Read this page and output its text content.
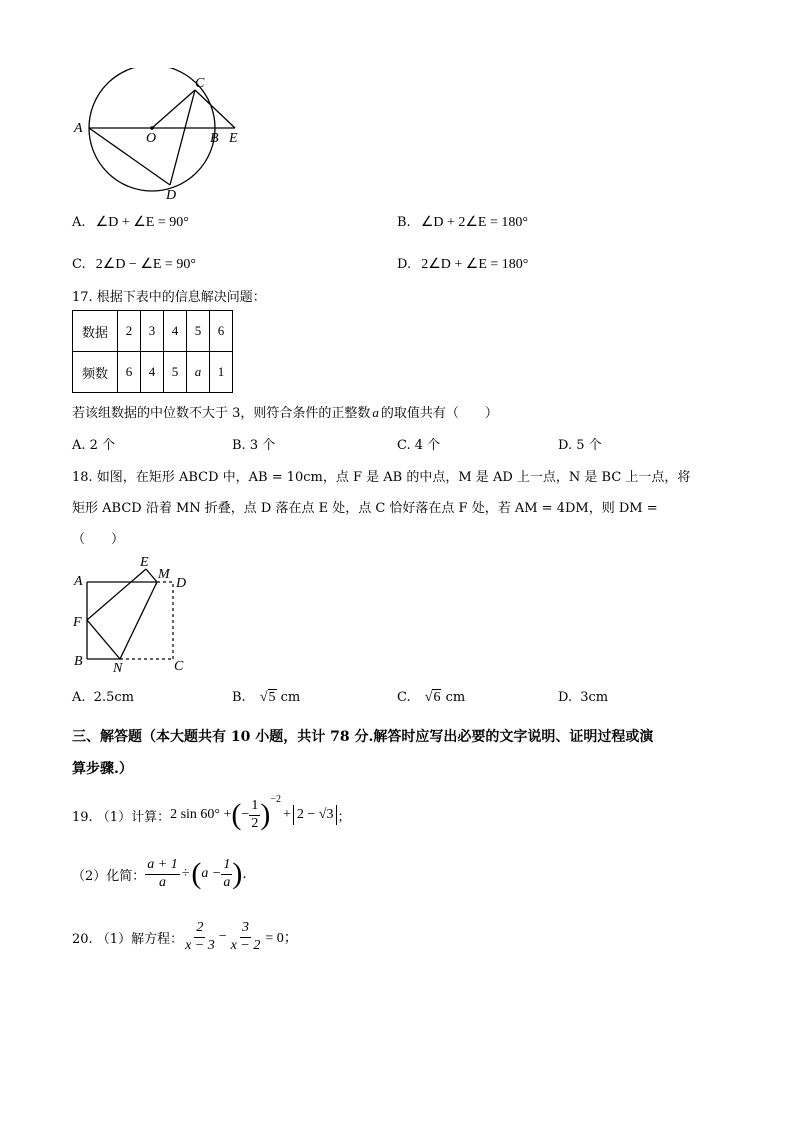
A
O	B E
C
D
A. ∠D + ∠E = 90°	B. ∠D + 2∠E = 180°
C. 2∠D − ∠E = 90°	D. 2∠D + ∠E = 180°
17. 根据下表中的信息解决问题：
数据	2	3	4	5	6
频数	6	4	5	a	1
若该组数据的中位数不大于 3，则符合条件的正整数 a 的取值共有（　　）
A. 2 个	B. 3 个	C. 4 个	D. 5 个
18. 如图，在矩形 ABCD 中，AB = 10cm，点 F 是 AB 的中点，M 是 AD 上一点，N 是 BC 上一点，将
矩形 ABCD 沿着 MN 折叠，点 D 落在点 E 处，点 C 恰好落在点 F 处，若 AM = 4DM，则 DM =
（　　）
A
E
M
D
F
B N	C
A. 2.5cm	B. √5 cm	C. √6 cm	D. 3cm
三、解答题（本大题共有 10 小题，共计 78 分.解答时应写出必要的文字说明、证明过程或演
算步骤.）
19. （1）计算： 2 sin 60° + ( − $\frac{1}{2}$ ) −2
+ 2 − √3 ；
（2）化简： $\frac{a + 1}{a}$ ÷ ( $a - \frac{1}{a}$ ) .
20. （1）解方程： $\frac{2}{x - 3} - \frac{3}{x - 2} = 0$；
